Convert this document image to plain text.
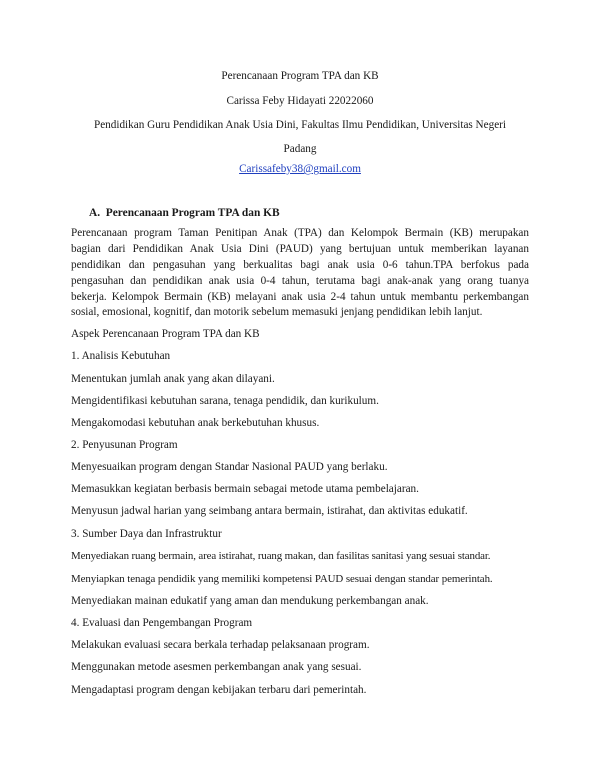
Perencanaan Program TPA dan KB
Carissa Feby Hidayati 22022060
Pendidikan Guru Pendidikan Anak Usia Dini, Fakultas Ilmu Pendidikan, Universitas Negeri
Padang
Carissafeby38@gmail.com
A.  Perencanaan Program TPA dan KB
Perencanaan program Taman Penitipan Anak (TPA) dan Kelompok Bermain (KB) merupakan
bagian dari Pendidikan Anak Usia Dini (PAUD) yang bertujuan untuk memberikan layanan
pendidikan dan pengasuhan yang berkualitas bagi anak usia 0-6 tahun.TPA berfokus pada
pengasuhan dan pendidikan anak usia 0-4 tahun, terutama bagi anak-anak yang orang tuanya
bekerja. Kelompok Bermain (KB) melayani anak usia 2-4 tahun untuk membantu perkembangan
sosial, emosional, kognitif, dan motorik sebelum memasuki jenjang pendidikan lebih lanjut.
Aspek Perencanaan Program TPA dan KB
1. Analisis Kebutuhan
Menentukan jumlah anak yang akan dilayani.
Mengidentifikasi kebutuhan sarana, tenaga pendidik, dan kurikulum.
Mengakomodasi kebutuhan anak berkebutuhan khusus.
2. Penyusunan Program
Menyesuaikan program dengan Standar Nasional PAUD yang berlaku.
Memasukkan kegiatan berbasis bermain sebagai metode utama pembelajaran.
Menyusun jadwal harian yang seimbang antara bermain, istirahat, dan aktivitas edukatif.
3. Sumber Daya dan Infrastruktur
Menyediakan ruang bermain, area istirahat, ruang makan, dan fasilitas sanitasi yang sesuai standar.
Menyiapkan tenaga pendidik yang memiliki kompetensi PAUD sesuai dengan standar pemerintah.
Menyediakan mainan edukatif yang aman dan mendukung perkembangan anak.
4. Evaluasi dan Pengembangan Program
Melakukan evaluasi secara berkala terhadap pelaksanaan program.
Menggunakan metode asesmen perkembangan anak yang sesuai.
Mengadaptasi program dengan kebijakan terbaru dari pemerintah.
